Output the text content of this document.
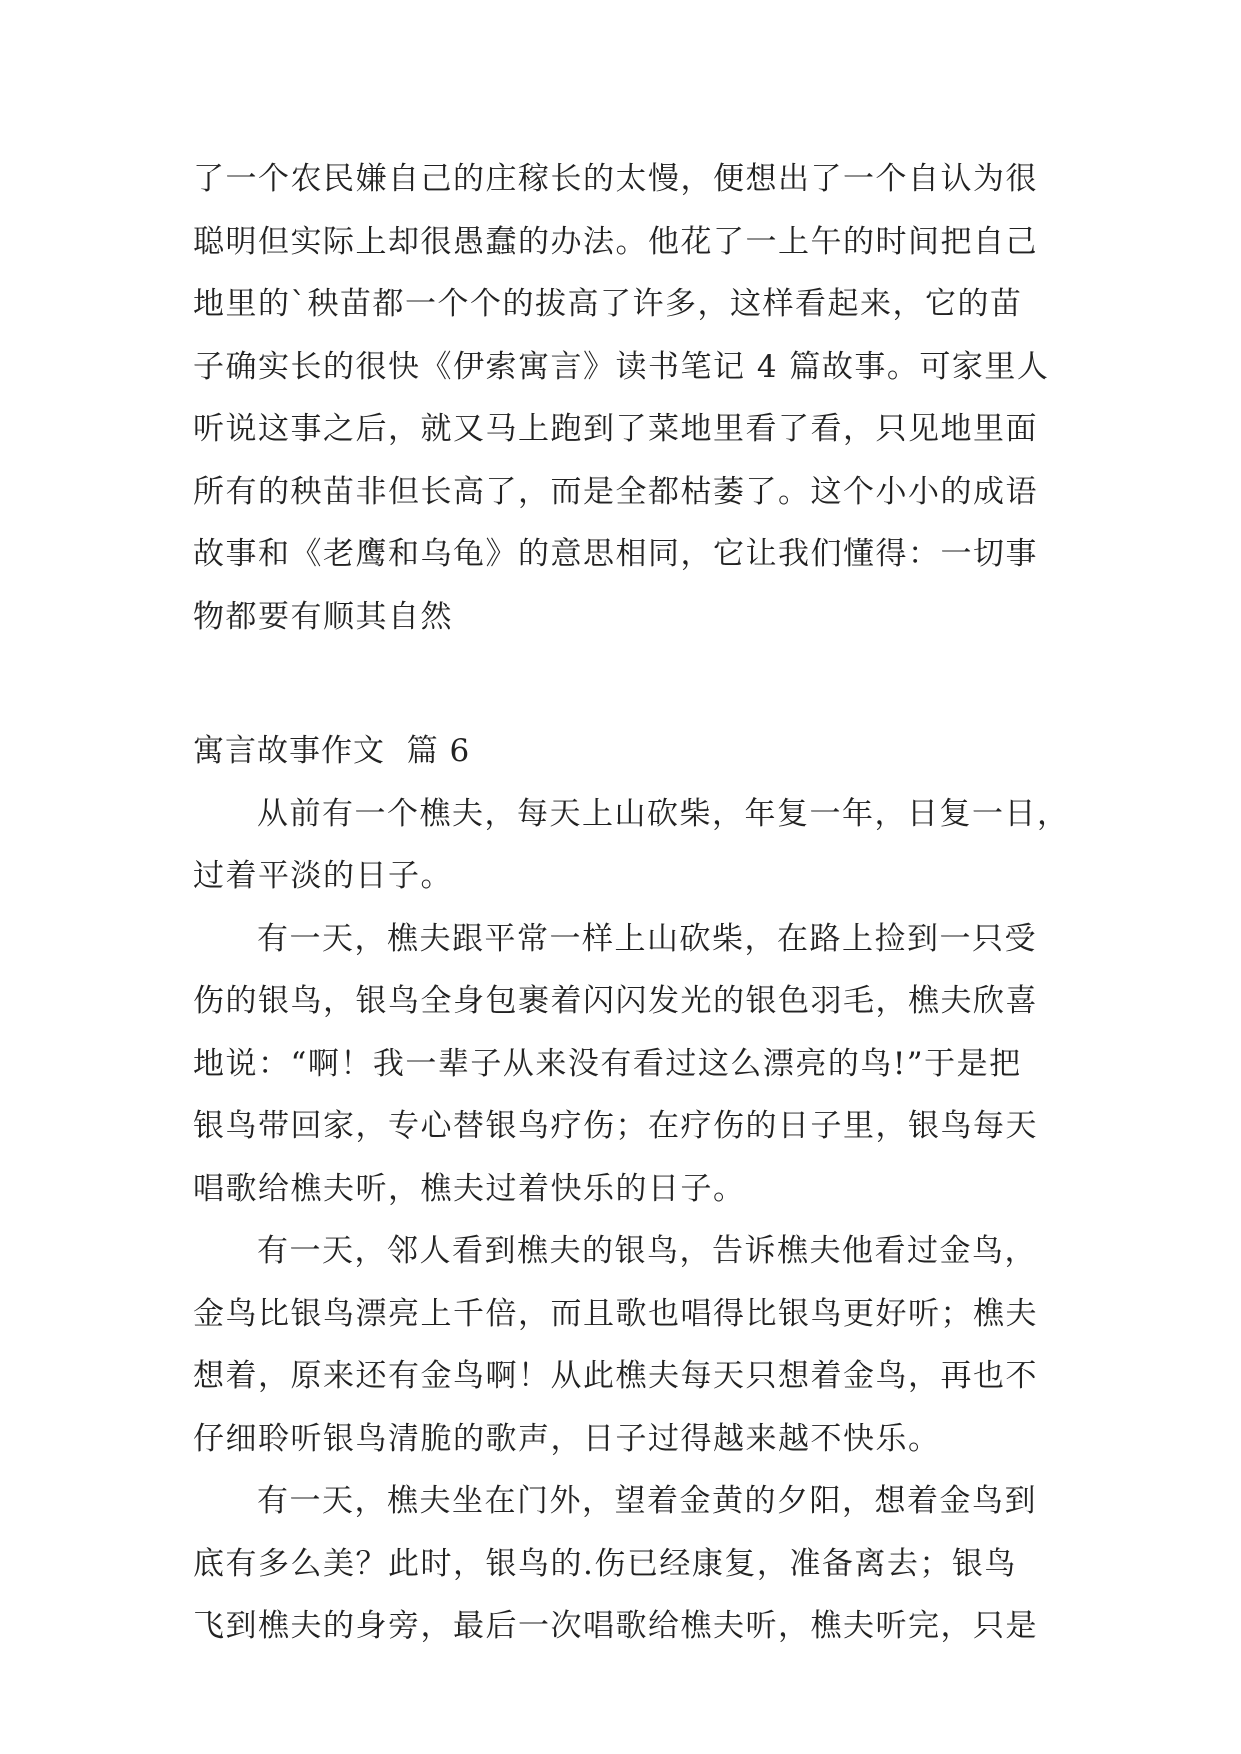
了一个农民嫌自己的庄稼长的太慢，便想出了一个自认为很
聪明但实际上却很愚蠢的办法。他花了一上午的时间把自己
地里的`秧苗都一个个的拔高了许多，这样看起来，它的苗
子确实长的很快《伊索寓言》读书笔记 4 篇故事。可家里人
听说这事之后，就又马上跑到了菜地里看了看，只见地里面
所有的秧苗非但长高了，而是全都枯萎了。这个小小的成语
故事和《老鹰和乌龟》的意思相同，它让我们懂得：一切事
物都要有顺其自然

寓言故事作文  篇 6

从前有一个樵夫，每天上山砍柴，年复一年，日复一日，
过着平淡的日子。

有一天，樵夫跟平常一样上山砍柴，在路上捡到一只受
伤的银鸟，银鸟全身包裹着闪闪发光的银色羽毛，樵夫欣喜
地说：“啊！我一辈子从来没有看过这么漂亮的鸟!”于是把
银鸟带回家，专心替银鸟疗伤；在疗伤的日子里，银鸟每天
唱歌给樵夫听，樵夫过着快乐的日子。

有一天，邻人看到樵夫的银鸟，告诉樵夫他看过金鸟，
金鸟比银鸟漂亮上千倍，而且歌也唱得比银鸟更好听；樵夫
想着，原来还有金鸟啊！从此樵夫每天只想着金鸟，再也不
仔细聆听银鸟清脆的歌声，日子过得越来越不快乐。

有一天，樵夫坐在门外，望着金黄的夕阳，想着金鸟到
底有多么美？此时，银鸟的.伤已经康复，准备离去；银鸟
飞到樵夫的身旁，最后一次唱歌给樵夫听，樵夫听完，只是
